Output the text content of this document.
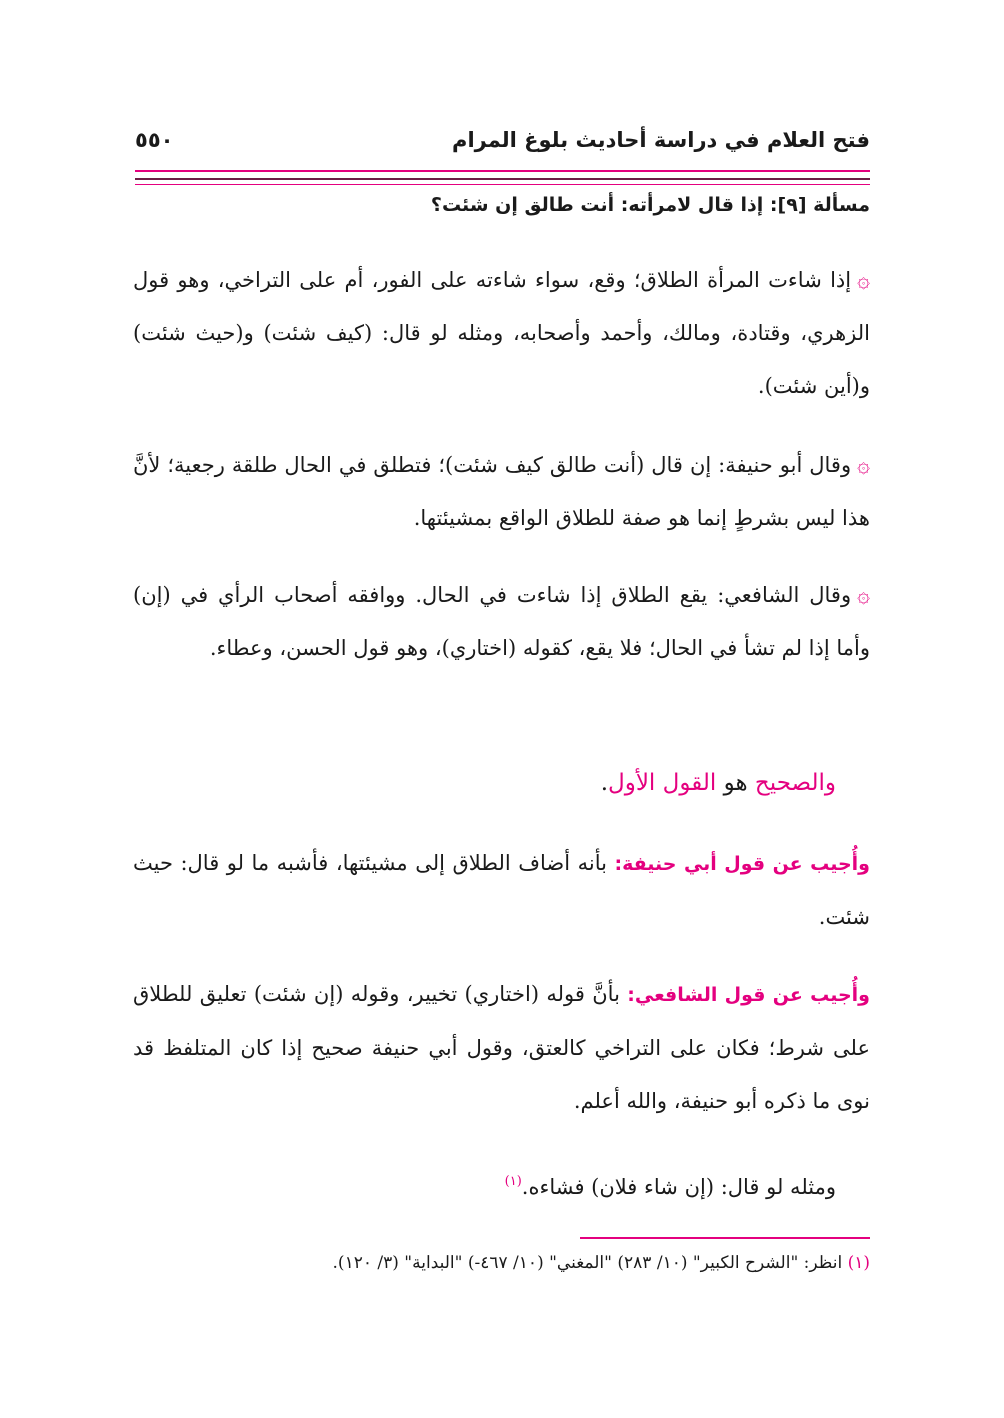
فتح العلام في دراسة أحاديث بلوغ المرام
٥٥٠
مسألة [٩]: إذا قال لامرأته: أنت طالق إن شئت؟
۞إذا شاءت المرأة الطلاق؛ وقع، سواء شاءته على الفور، أم على التراخي، وهو قول الزهري، وقتادة، ومالك، وأحمد وأصحابه، ومثله لو قال: (كيف شئت) و(حيث شئت) و(أين شئت).
۞وقال أبو حنيفة: إن قال (أنت طالق كيف شئت)؛ فتطلق في الحال طلقة رجعية؛ لأنَّ هذا ليس بشرطٍ إنما هو صفة للطلاق الواقع بمشيئتها.
۞وقال الشافعي: يقع الطلاق إذا شاءت في الحال. ووافقه أصحاب الرأي في (إن) وأما إذا لم تشأ في الحال؛ فلا يقع، كقوله (اختاري)، وهو قول الحسن، وعطاء.
والصحيح هو القول الأول.
وأُجيب عن قول أبي حنيفة: بأنه أضاف الطلاق إلى مشيئتها، فأشبه ما لو قال: حيث شئت.
وأُجيب عن قول الشافعي: بأنَّ قوله (اختاري) تخيير، وقوله (إن شئت) تعليق للطلاق على شرط؛ فكان على التراخي كالعتق، وقول أبي حنيفة صحيح إذا كان المتلفظ قد نوى ما ذكره أبو حنيفة، والله أعلم.
ومثله لو قال: (إن شاء فلان) فشاءه.$^{(١)}$
(١) انظر: "الشرح الكبير" (١٠/ ٢٨٣) "المغني" (١٠/ ٤٦٧-) "البداية" (٣/ ١٢٠).
